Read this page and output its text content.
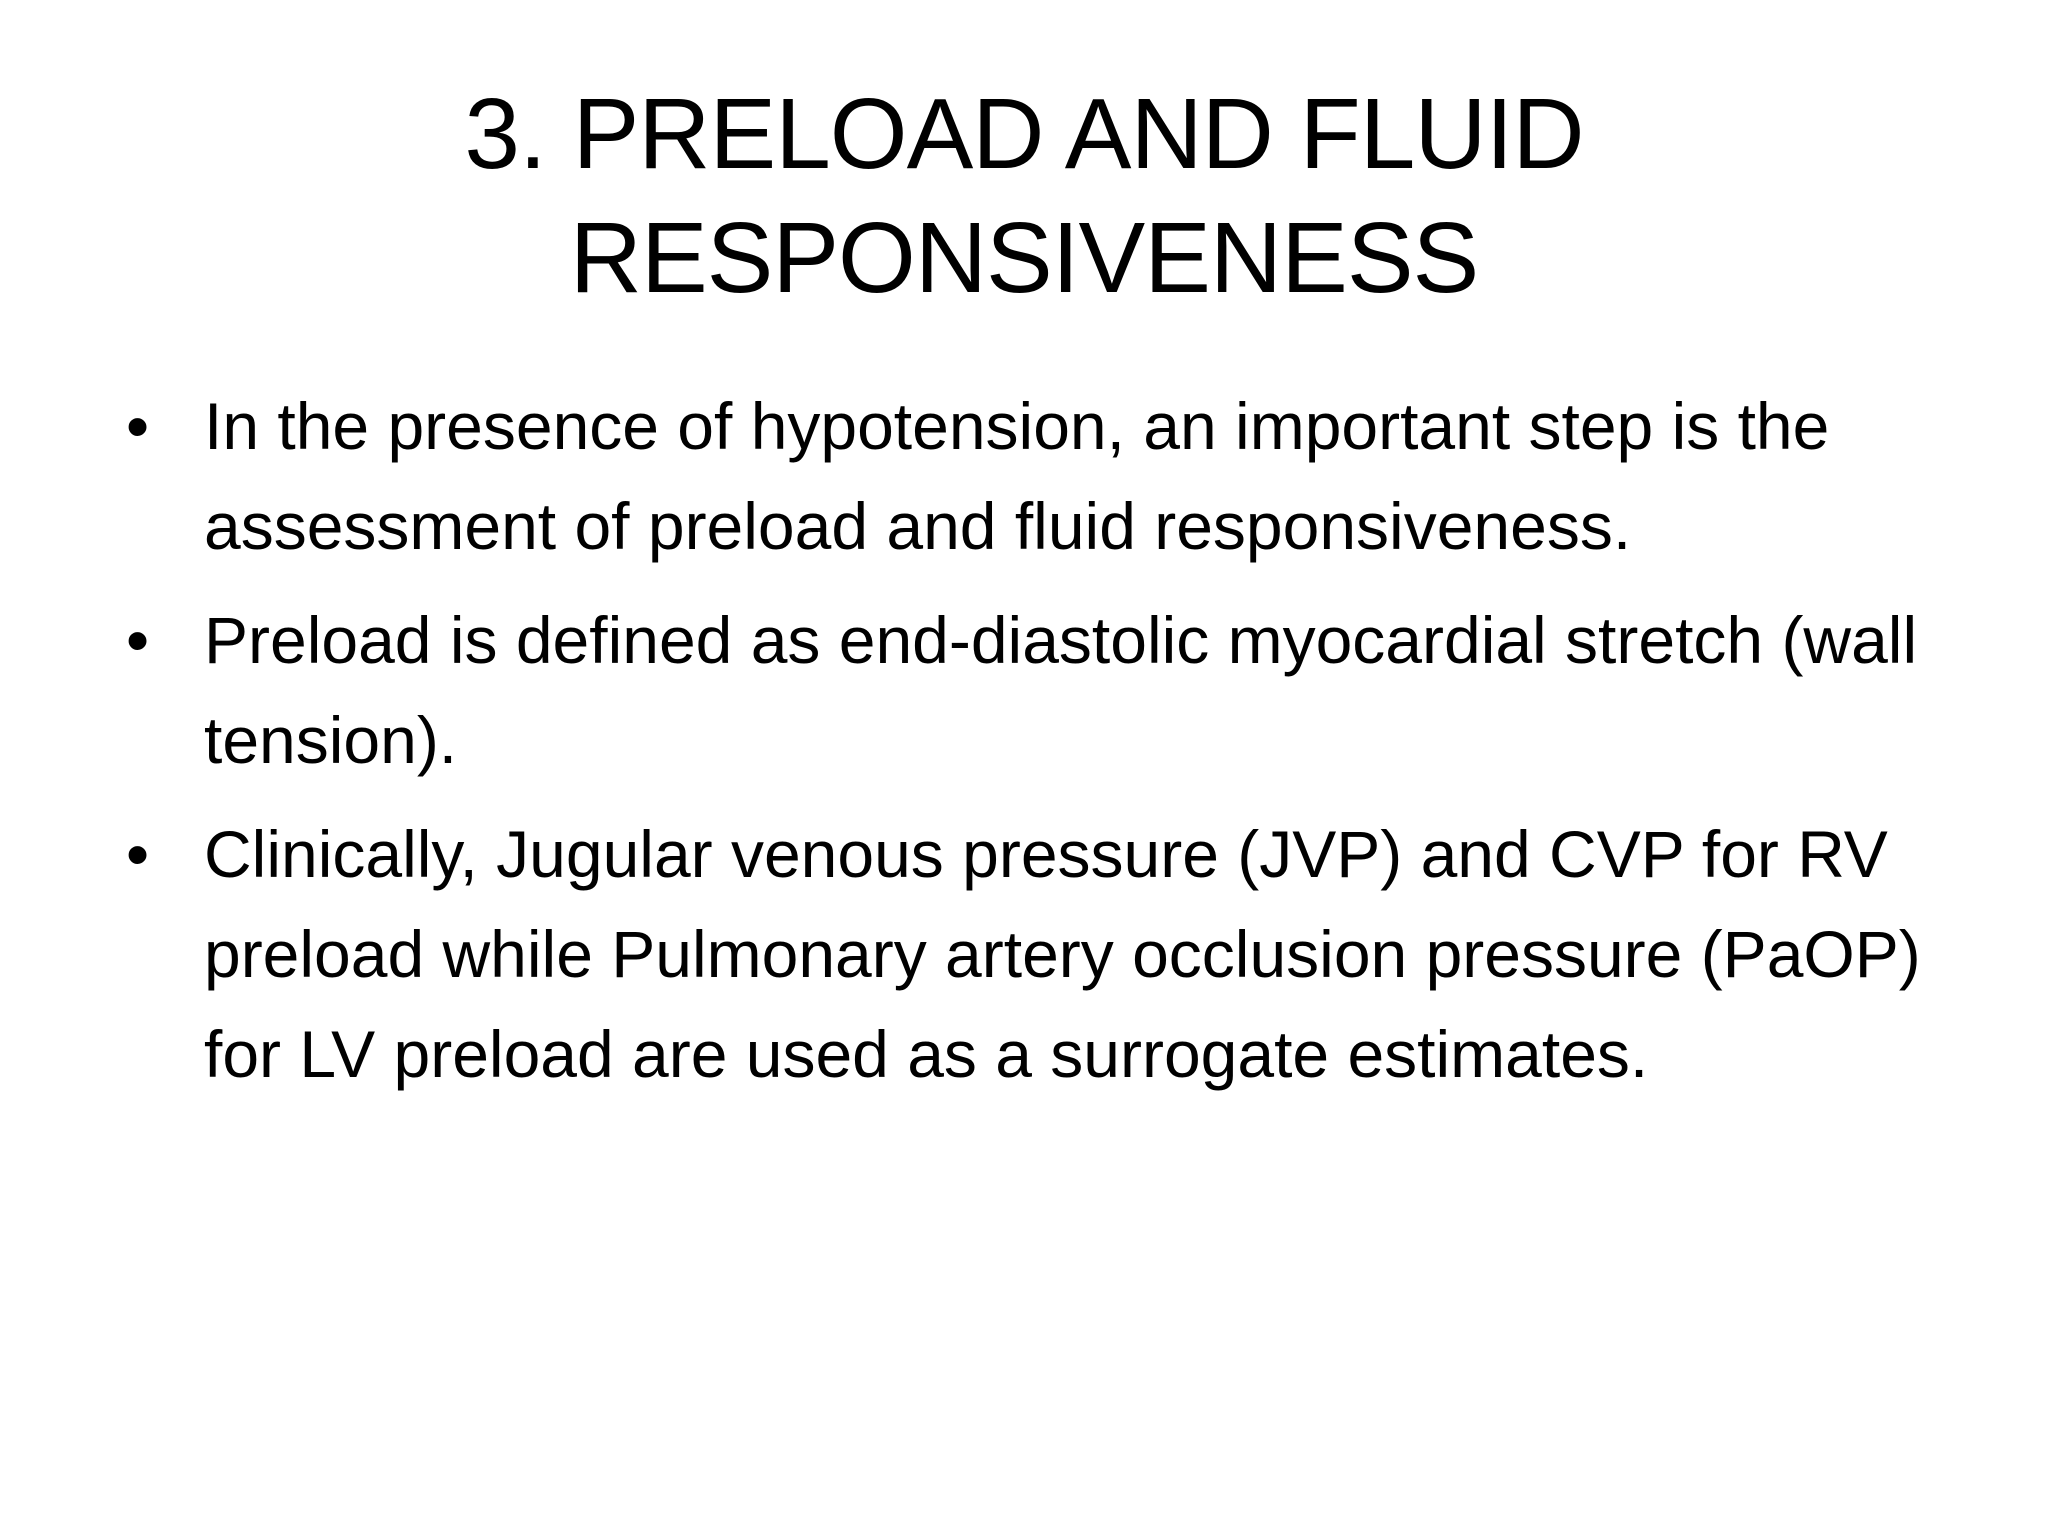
3. PRELOAD AND FLUID
RESPONSIVENESS
• In the presence of hypotension, an important step is the assessment of preload and fluid responsiveness.
• Preload is defined as end-diastolic myocardial stretch (wall tension).
• Clinically, Jugular venous pressure (JVP) and CVP for RV preload while Pulmonary artery occlusion pressure (PaOP) for LV preload are used as a surrogate estimates.
